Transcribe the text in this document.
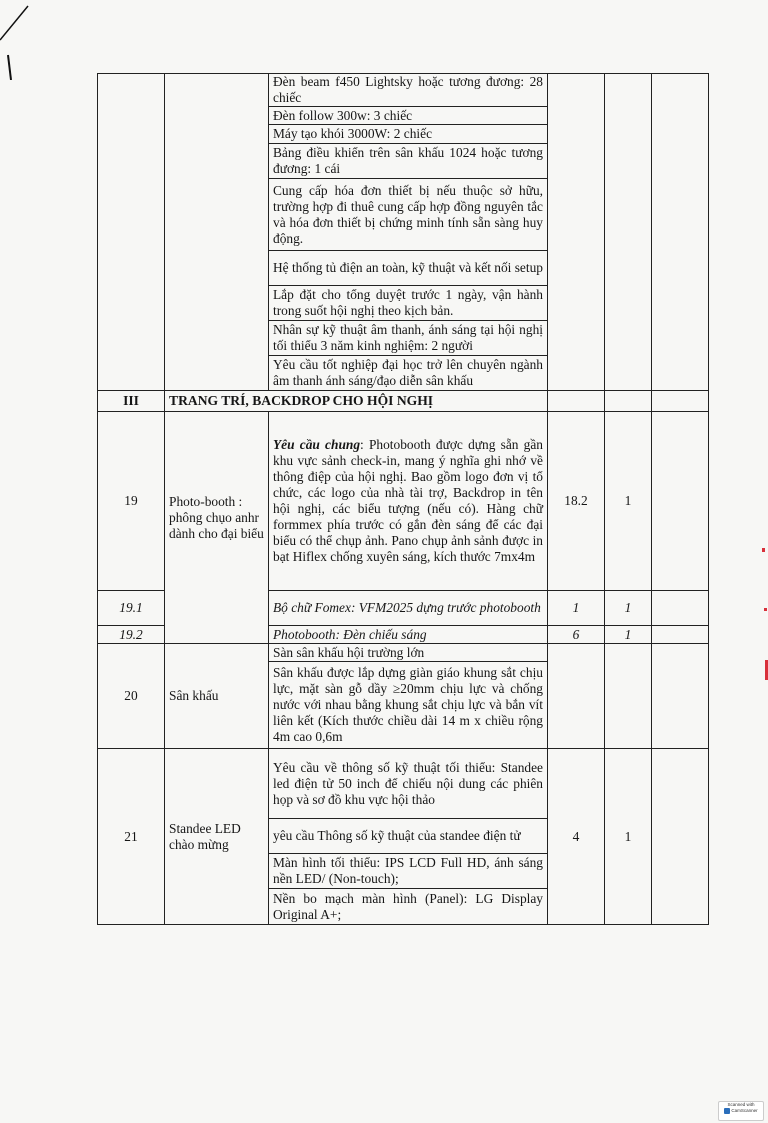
		Đèn beam f450 Lightsky hoặc tương đương: 28 chiếc			
		Đèn follow 300w: 3 chiếc			
		Máy tạo khói 3000W: 2 chiếc			
		Bảng điều khiển trên sân khấu 1024 hoặc tương đương: 1 cái			
		Cung cấp hóa đơn thiết bị nếu thuộc sở hữu, trường hợp đi thuê cung cấp hợp đồng nguyên tắc và hóa đơn thiết bị chứng minh tính sẵn sàng huy động.			
		Hệ thống tủ điện an toàn, kỹ thuật và kết nối setup			
		Lắp đặt cho tổng duyệt trước 1 ngày, vận hành trong suốt hội nghị theo kịch bản.			
		Nhân sự kỹ thuật âm thanh, ánh sáng tại hội nghị tối thiểu 3 năm kinh nghiệm: 2 người			
		Yêu cầu tốt nghiệp đại học trở lên chuyên ngành âm thanh ánh sáng/đạo diễn sân khấu			
III	TRANG TRÍ, BACKDROP CHO HỘI NGHỊ				
19	Photo-booth : phông chụo anhr dành cho đại biểu	Yêu cầu chung: Photobooth được dựng sẵn gần khu vực sảnh check-in, mang ý nghĩa ghi nhớ về thông điệp của hội nghị. Bao gồm logo đơn vị tổ chức, các logo của nhà tài trợ, Backdrop in tên hội nghị, các biểu tượng (nếu có). Hàng chữ formmex phía trước có gắn đèn sáng để các đại biểu có thể chụp ảnh. Pano chụp ảnh sảnh được in bạt Hiflex chống xuyên sáng, kích thước 7mx4m	18.2	1	
19.1		Bộ chữ Fomex: VFM2025 dựng trước photobooth	1	1	
19.2		Photobooth: Đèn chiếu sáng	6	1	
20	Sân khấu	Sàn sân khấu hội trường lớn			
		Sân khấu được lắp dựng giàn giáo khung sắt chịu lực, mặt sàn gỗ dầy ≥20mm chịu lực và chống nước với nhau bằng khung sắt chịu lực và bắn vít liên kết (Kích thước chiều dài 14 m x chiều rộng 4m cao 0,6m			
21	Standee LED chào mừng	Yêu cầu về thông số kỹ thuật tối thiểu: Standee led điện tử 50 inch để chiếu nội dung các phiên họp và sơ đồ khu vực hội thảo	4	1	
		yêu cầu Thông số kỹ thuật của standee điện tử			
		Màn hình tối thiểu: IPS LCD Full HD, ánh sáng nền LED/ (Non-touch);			
		Nền bo mạch màn hình (Panel): LG Display Original A+;			
Scanned with
CamScanner
